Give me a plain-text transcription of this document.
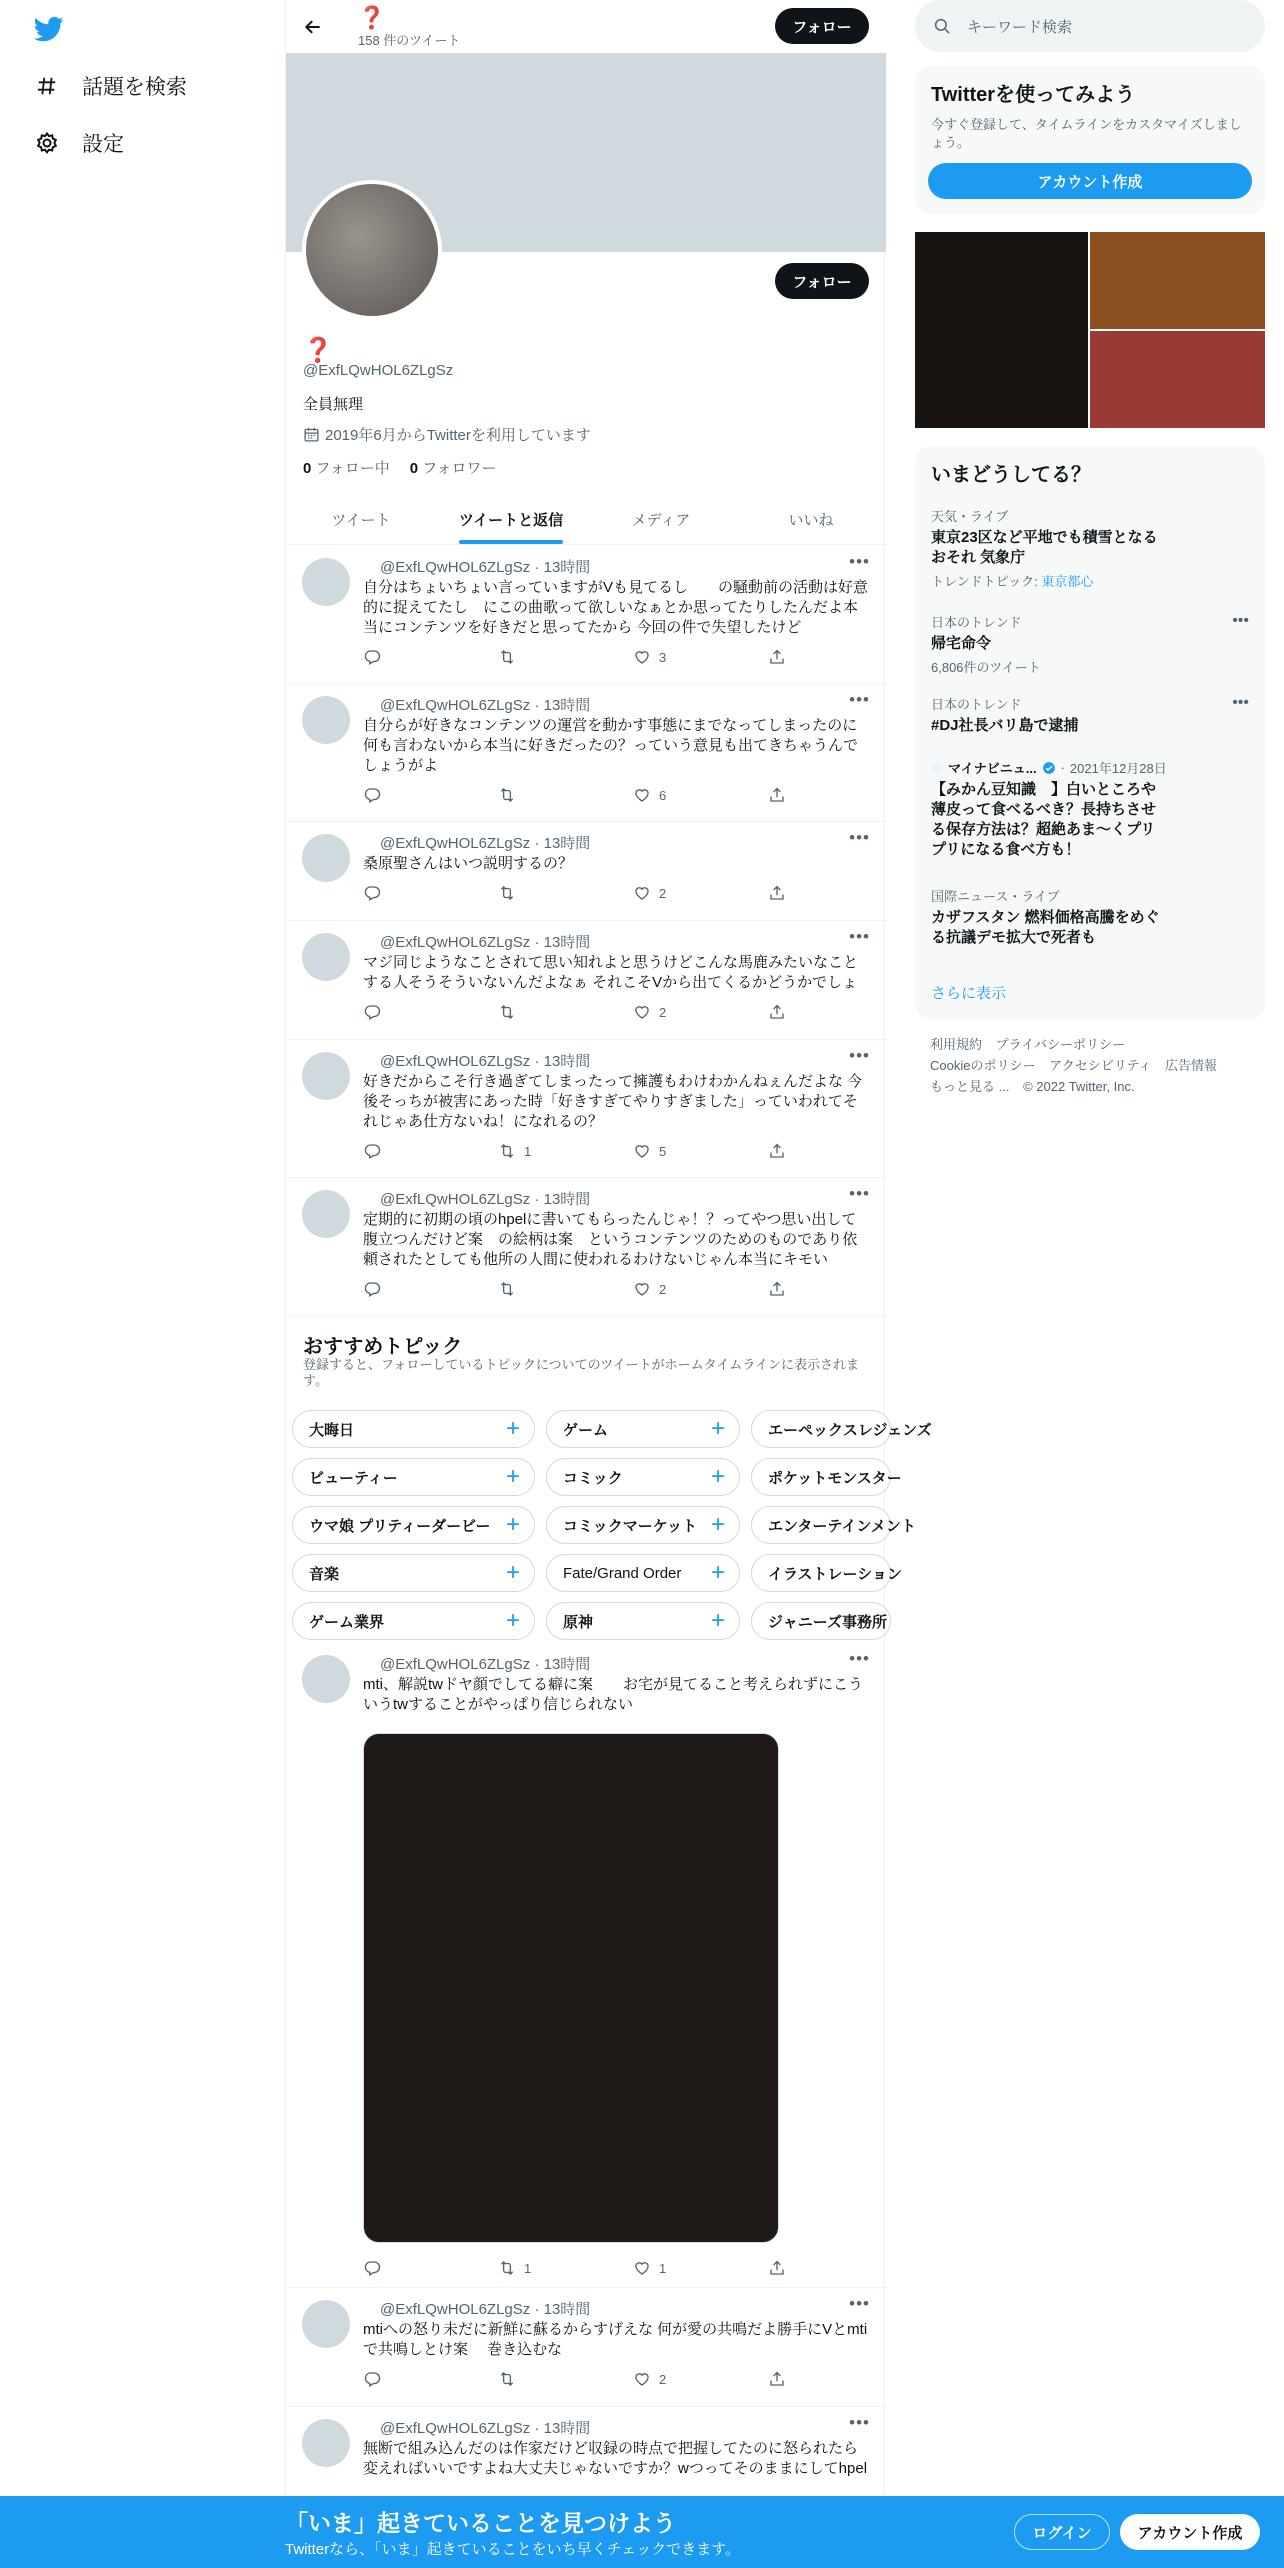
話題を検索
設定
❓
158 件のツイート
フォロー
フォロー
❓
@ExfLQwHOL6ZLgSz
全員無理
2019年6月からTwitterを利用しています
0 フォロー中 0 フォロワー
ツイート	ツイートと返信	メディア	いいね
おすすめトピック
登録すると、フォローしているトピックについてのツイートがホームタイムラインに表示されます。
大晦日	+	ゲーム	+	エーペックスレジェンズ
ビューティー	+	コミック	+	ポケットモンスター
ウマ娘 プリティーダービー +	コミックマーケット +	エンターテインメント
音楽	+	Fate/Grand Order +	イラストレーション
ゲーム業界	+	原神	+	ジャニーズ事務所
@ExfLQwHOL6ZLgSz · 13時間	•••
自分はちょいちょい言っていますがVも見てるし　　の騒動前の活動は好意的に捉えてたし　にこの曲歌って欲しいなぁとか思ってたりしたんだよ本当にコンテンツを好きだと思ってたから 今回の件で失望したけど
3
@ExfLQwHOL6ZLgSz · 13時間	•••
自分らが好きなコンテンツの運営を動かす事態にまでなってしまったのに何も言わないから本当に好きだったの？っていう意見も出てきちゃうんでしょうがよ
6
@ExfLQwHOL6ZLgSz · 13時間	•••
桑原聖さんはいつ説明するの？
2
@ExfLQwHOL6ZLgSz · 13時間	•••
マジ同じようなことされて思い知れよと思うけどこんな馬鹿みたいなことする人そうそういないんだよなぁ それこそVから出てくるかどうかでしょ
2
@ExfLQwHOL6ZLgSz · 13時間	•••
好きだからこそ行き過ぎてしまったって擁護もわけわかんねぇんだよな 今後そっちが被害にあった時「好きすぎてやりすぎました」っていわれてそれじゃあ仕方ないね！になれるの？
1	5
@ExfLQwHOL6ZLgSz · 13時間	•••
定期的に初期の頃のhpelに書いてもらったんじゃ！？ってやつ思い出して腹立つんだけど案　の絵柄は案　というコンテンツのためのものであり依頼されたとしても他所の人間に使われるわけないじゃん本当にキモい
2
@ExfLQwHOL6ZLgSz · 13時間	•••
mti、解説twドヤ顔でしてる癖に案　　お宅が見てること考えられずにこういうtwすることがやっぱり信じられない
1	1
@ExfLQwHOL6ZLgSz · 13時間	•••
mtiへの怒り未だに新鮮に蘇るからすげえな 何が愛の共鳴だよ勝手にVとmtiで共鳴しとけ案　 巻き込むな
2
@ExfLQwHOL6ZLgSz · 13時間	•••
無断で組み込んだのは作家だけど収録の時点で把握してたのに怒られたら変えればいいですよね大丈夫じゃないですか？wつってそのままにしてhpel
キーワード検索
Twitterを使ってみよう
今すぐ登録して、タイムラインをカスタマイズしましょう。
アカウント作成
いまどうしてる？
天気・ライブ
東京23区など平地でも積雪となるおそれ 気象庁
トレンドトピック: 東京都心
日本のトレンド
帰宅命令
6,806件のツイート
•••
日本のトレンド
#DJ社長バリ島で逮捕
•••
マイナビニュ... · 2021年12月28日
【みかん豆知識　】白いところや薄皮って食べるべき？長持ちさせる保存方法は？超絶あま～くプリプリになる食べ方も！
国際ニュース・ライブ
カザフスタン 燃料価格高騰をめぐる抗議デモ拡大で死者も
さらに表示
利用規約 プライバシーポリシー
Cookieのポリシー アクセシビリティ 広告情報
もっと見る ... © 2022 Twitter, Inc.
「いま」起きていることを見つけよう
Twitterなら、「いま」起きていることをいち早くチェックできます。
ログイン	アカウント作成
